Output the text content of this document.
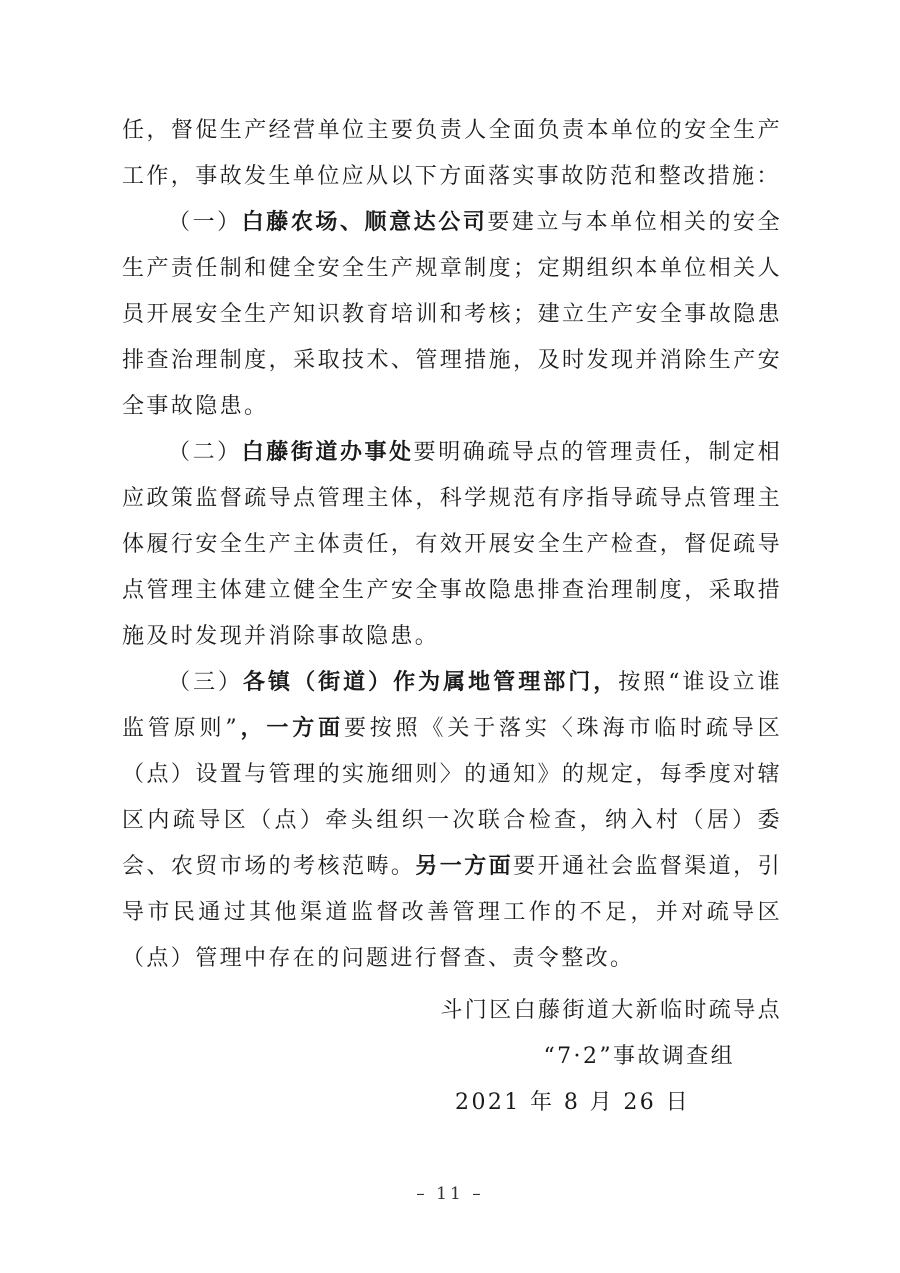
任，督促生产经营单位主要负责人全面负责本单位的安全生产工作，事故发生单位应从以下方面落实事故防范和整改措施：

（一）白藤农场、顺意达公司要建立与本单位相关的安全生产责任制和健全安全生产规章制度；定期组织本单位相关人员开展安全生产知识教育培训和考核；建立生产安全事故隐患排查治理制度，采取技术、管理措施，及时发现并消除生产安全事故隐患。

（二）白藤街道办事处要明确疏导点的管理责任，制定相应政策监督疏导点管理主体，科学规范有序指导疏导点管理主体履行安全生产主体责任，有效开展安全生产检查，督促疏导点管理主体建立健全生产安全事故隐患排查治理制度，采取措施及时发现并消除事故隐患。

（三）各镇（街道）作为属地管理部门，按照“谁设立谁监管原则”，一方面要按照《关于落实〈珠海市临时疏导区（点）设置与管理的实施细则〉的通知》的规定，每季度对辖区内疏导区（点）牵头组织一次联合检查，纳入村（居）委会、农贸市场的考核范畴。另一方面要开通社会监督渠道，引导市民通过其他渠道监督改善管理工作的不足，并对疏导区（点）管理中存在的问题进行督查、责令整改。

斗门区白藤街道大新临时疏导点
“7·2”事故调查组
2021 年 8 月 26 日
– 11 –
